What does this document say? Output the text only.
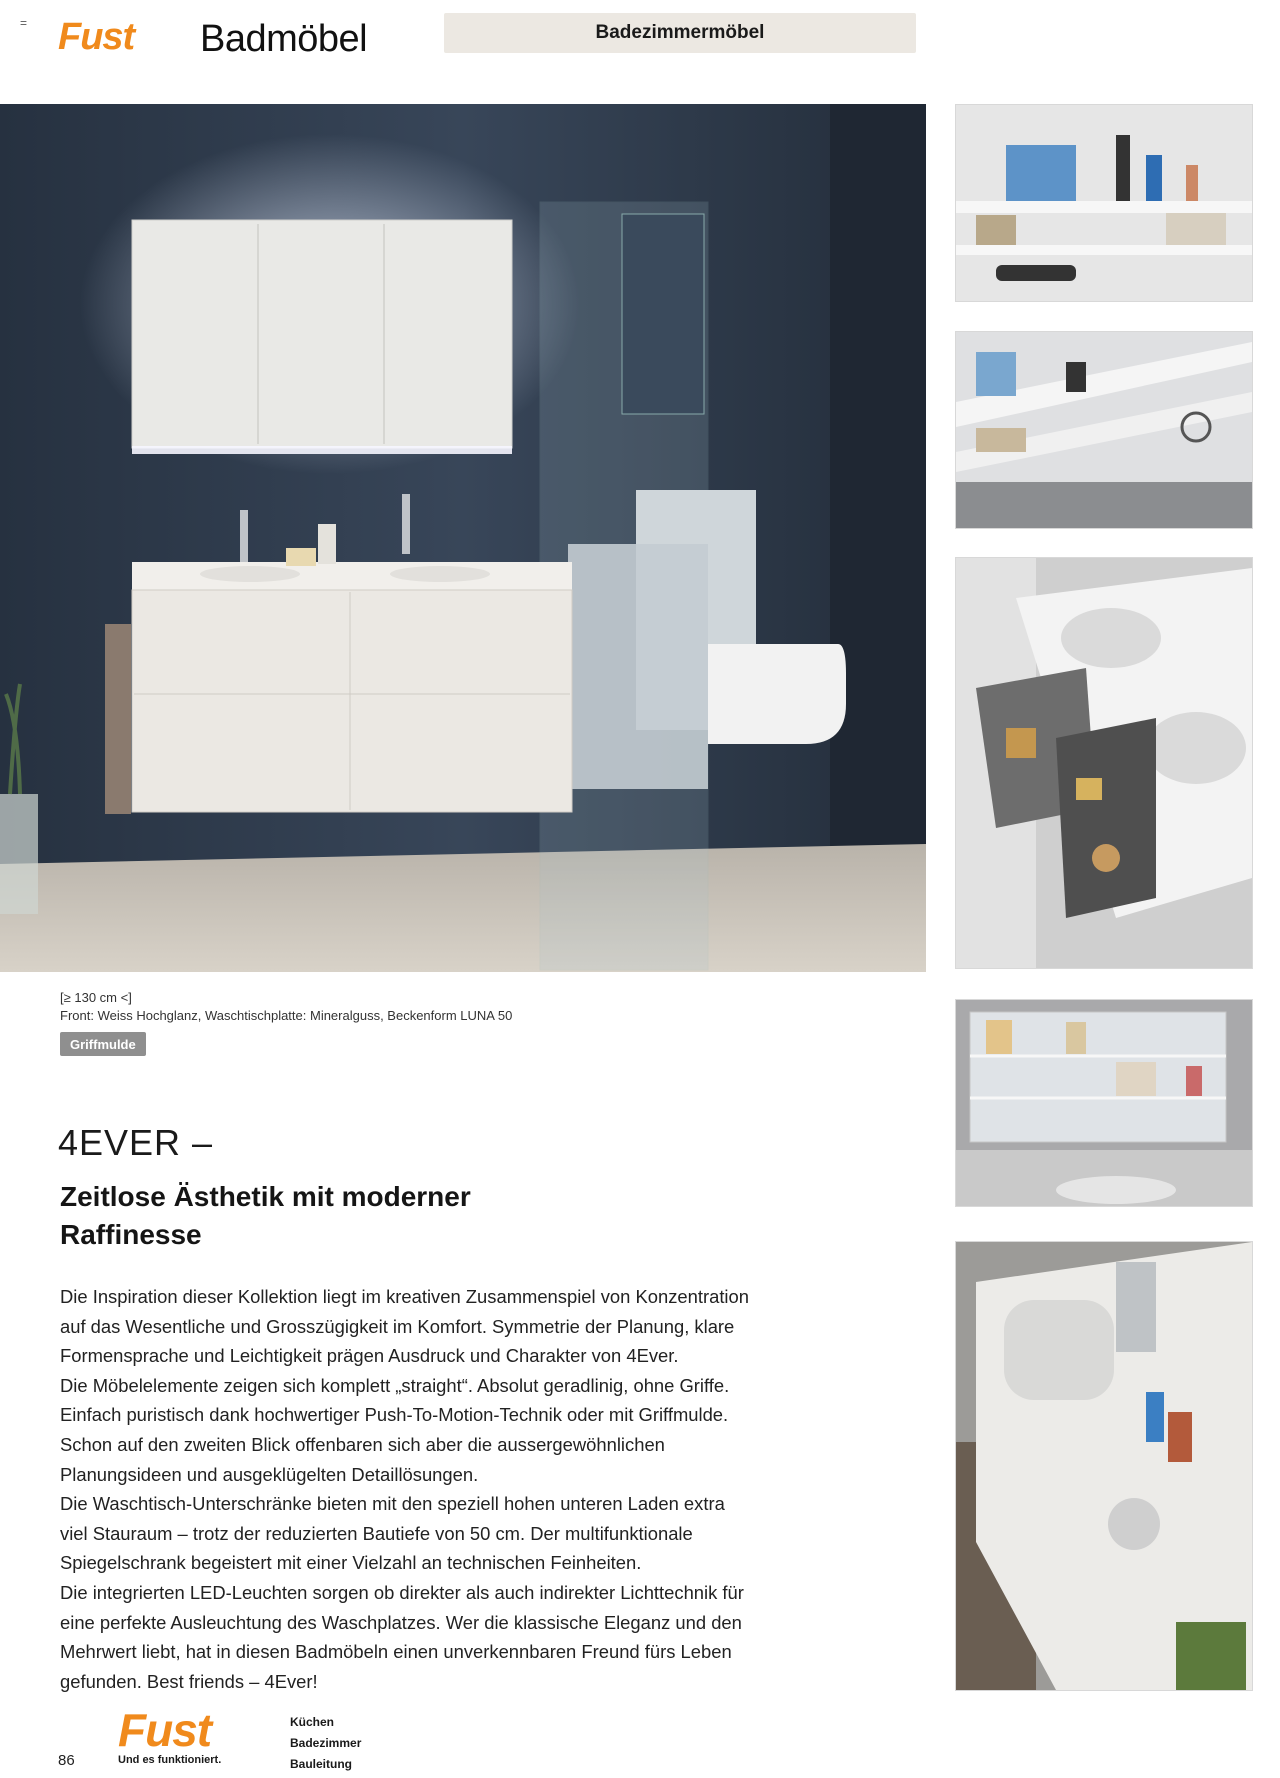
= Fust Badmöbel	Badezimmermöbel
[≥ 130 cm <]
Front: Weiss Hochglanz, Waschtischplatte: Mineralguss, Beckenform LUNA 50
Griffmulde
4EVER –
Zeitlose Ästhetik mit moderner
Raffinesse

Die Inspiration dieser Kollektion liegt im kreativen Zusammenspiel von Konzentration

auf das Wesentliche und Grosszügigkeit im Komfort. Symmetrie der Planung, klare

Formensprache und Leichtigkeit prägen Ausdruck und Charakter von 4Ever.

Die Möbelelemente zeigen sich komplett „straight“. Absolut geradlinig, ohne Griffe.

Einfach puristisch dank hochwertiger Push-To-Motion-Technik oder mit Griffmulde.

Schon auf den zweiten Blick offenbaren sich aber die aussergewöhnlichen

Planungsideen und ausgeklügelten Detaillösungen.

Die Waschtisch-Unterschränke bieten mit den speziell hohen unteren Laden extra

viel Stauraum – trotz der reduzierten Bautiefe von 50 cm. Der multifunktionale

Spiegelschrank begeistert mit einer Vielzahl an technischen Feinheiten.

Die integrierten LED-Leuchten sorgen ob direkter als auch indirekter Lichttechnik für

eine perfekte Ausleuchtung des Waschplatzes. Wer die klassische Eleganz und den

Mehrwert liebt, hat in diesen Badmöbeln einen unverkennbaren Freund fürs Leben

gefunden. Best friends – 4Ever!

86
Fust
Und es funktioniert.
Küchen
Badezimmer
Bauleitung
